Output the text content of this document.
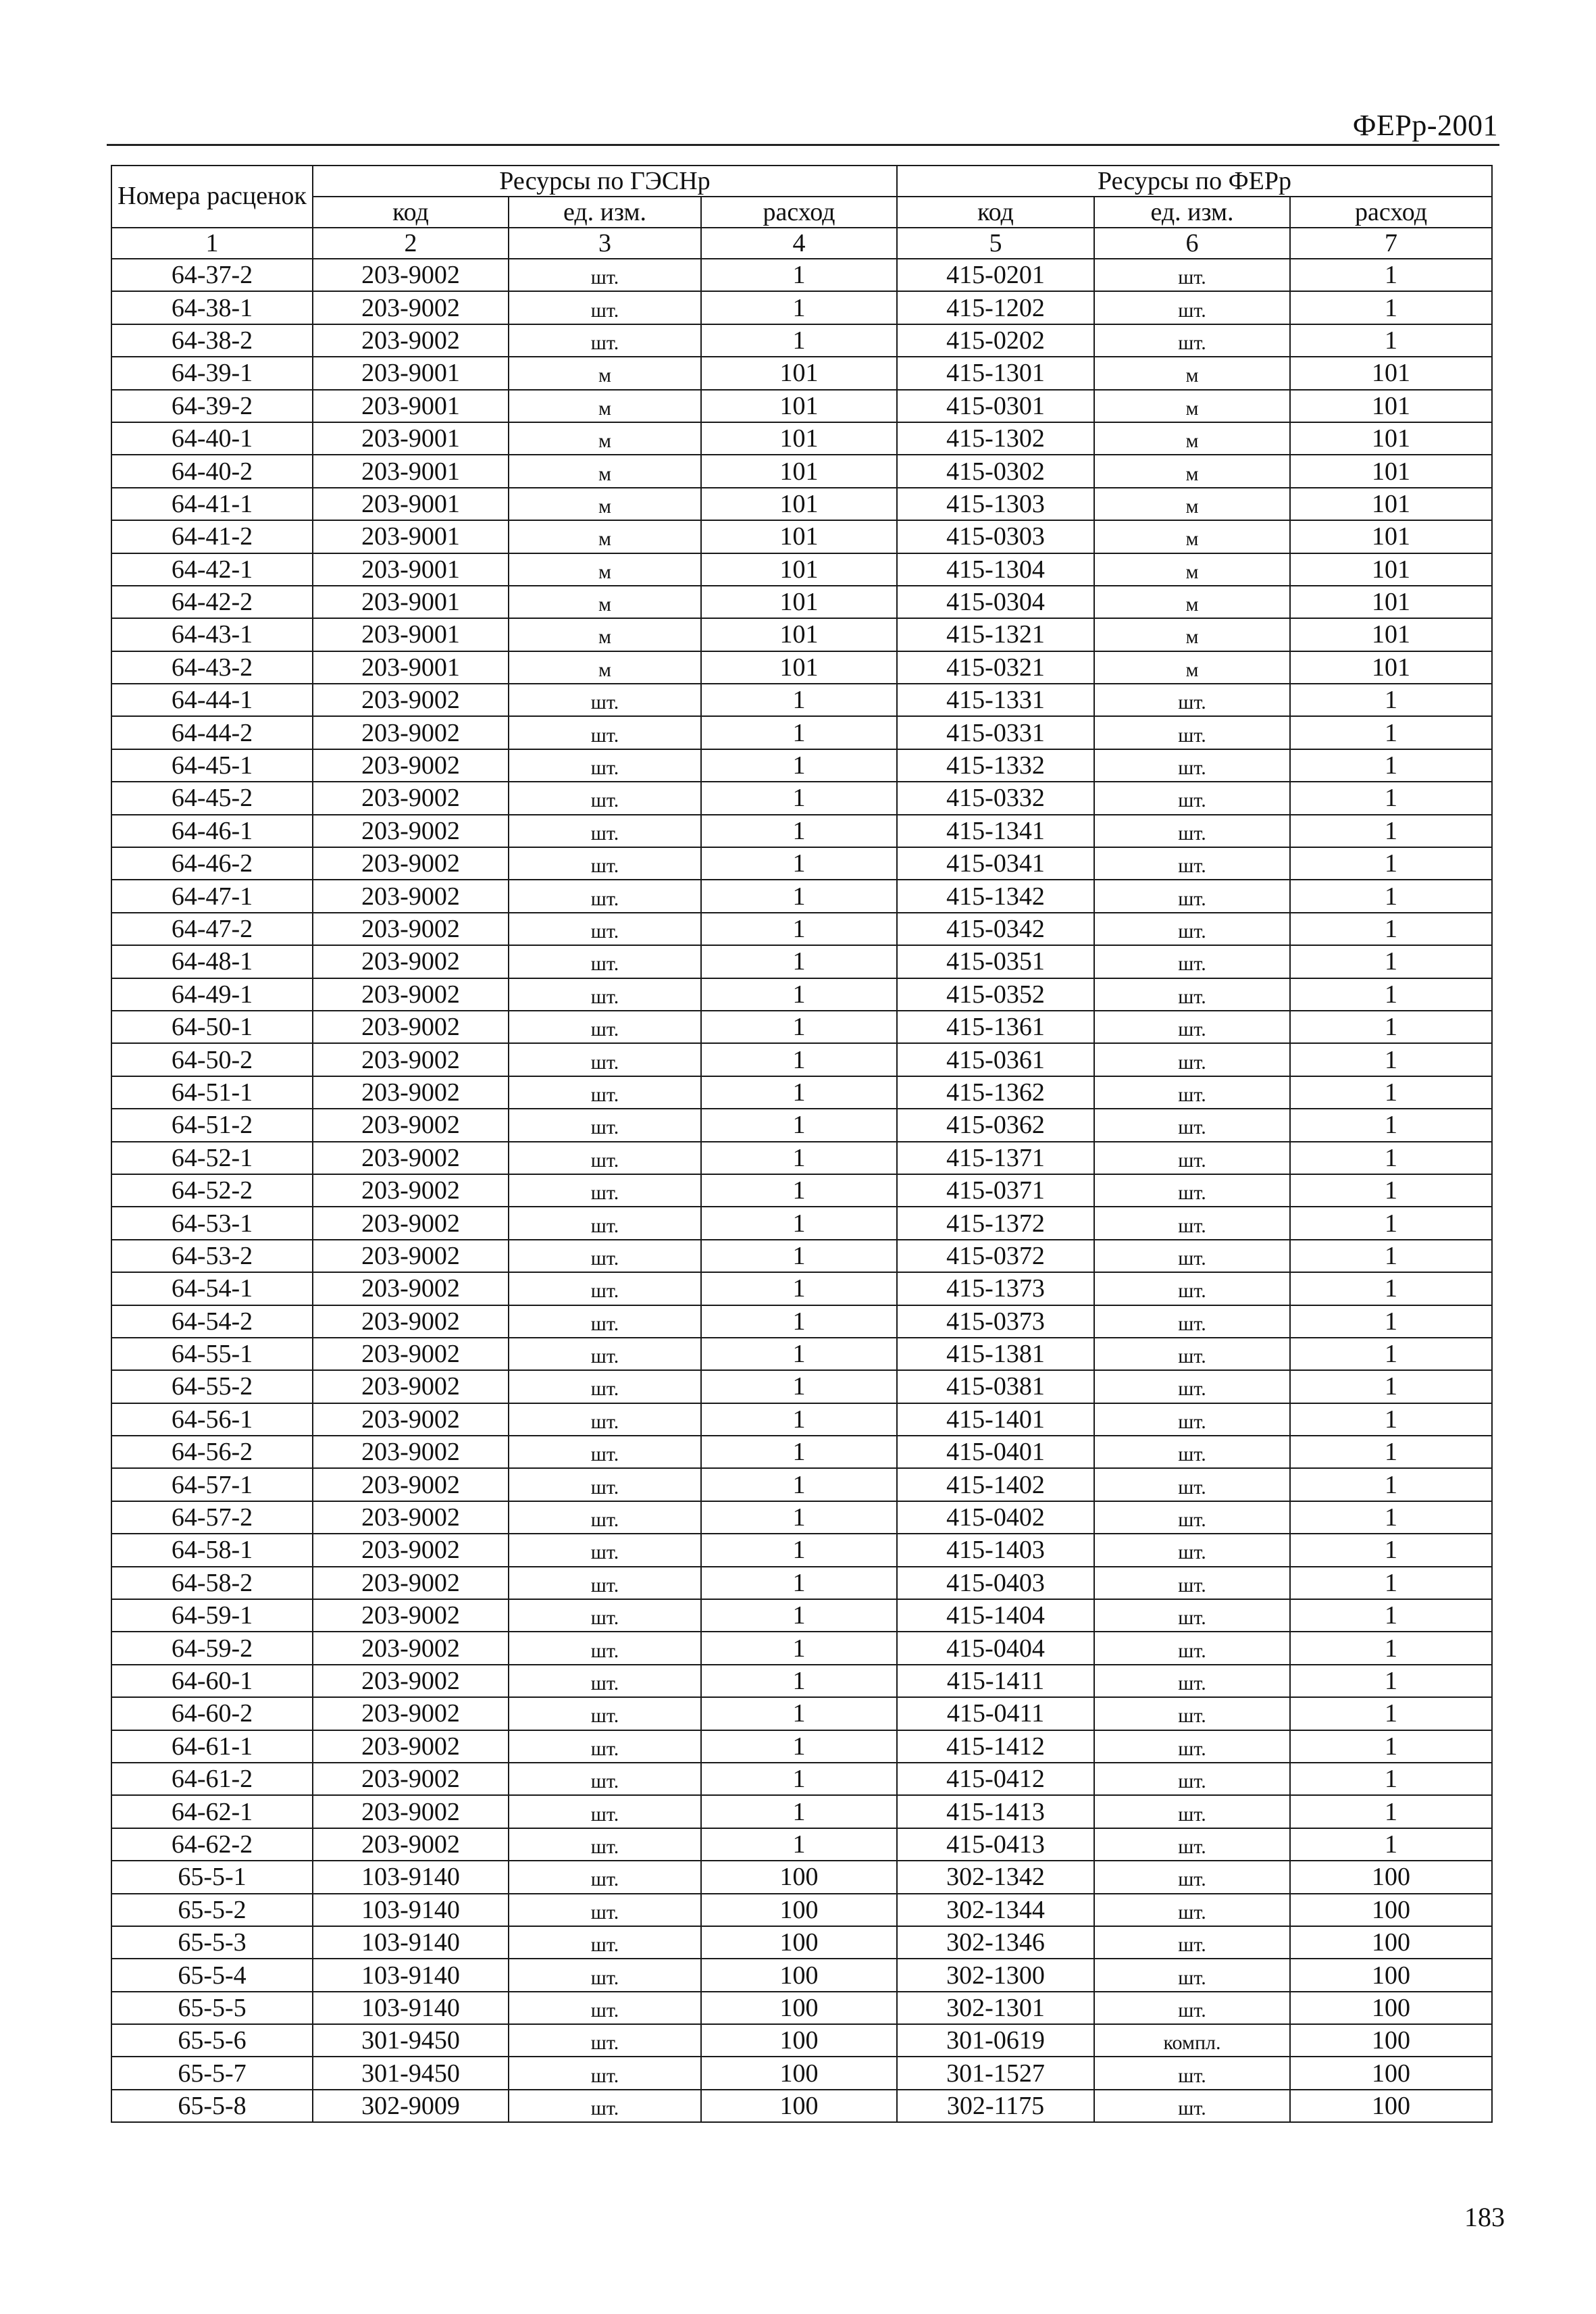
ФЕРр-2001
Номера расценок	Ресурсы по ГЭСНр			Ресурсы по ФЕРр		
	код	ед. изм.	расход	код	ед. изм.	расход
1	2	3	4	5	6	7
64-37-2	203-9002	шт.	1	415-0201	шт.	1
64-38-1	203-9002	шт.	1	415-1202	шт.	1
64-38-2	203-9002	шт.	1	415-0202	шт.	1
64-39-1	203-9001	м	101	415-1301	м	101
64-39-2	203-9001	м	101	415-0301	м	101
64-40-1	203-9001	м	101	415-1302	м	101
64-40-2	203-9001	м	101	415-0302	м	101
64-41-1	203-9001	м	101	415-1303	м	101
64-41-2	203-9001	м	101	415-0303	м	101
64-42-1	203-9001	м	101	415-1304	м	101
64-42-2	203-9001	м	101	415-0304	м	101
64-43-1	203-9001	м	101	415-1321	м	101
64-43-2	203-9001	м	101	415-0321	м	101
64-44-1	203-9002	шт.	1	415-1331	шт.	1
64-44-2	203-9002	шт.	1	415-0331	шт.	1
64-45-1	203-9002	шт.	1	415-1332	шт.	1
64-45-2	203-9002	шт.	1	415-0332	шт.	1
64-46-1	203-9002	шт.	1	415-1341	шт.	1
64-46-2	203-9002	шт.	1	415-0341	шт.	1
64-47-1	203-9002	шт.	1	415-1342	шт.	1
64-47-2	203-9002	шт.	1	415-0342	шт.	1
64-48-1	203-9002	шт.	1	415-0351	шт.	1
64-49-1	203-9002	шт.	1	415-0352	шт.	1
64-50-1	203-9002	шт.	1	415-1361	шт.	1
64-50-2	203-9002	шт.	1	415-0361	шт.	1
64-51-1	203-9002	шт.	1	415-1362	шт.	1
64-51-2	203-9002	шт.	1	415-0362	шт.	1
64-52-1	203-9002	шт.	1	415-1371	шт.	1
64-52-2	203-9002	шт.	1	415-0371	шт.	1
64-53-1	203-9002	шт.	1	415-1372	шт.	1
64-53-2	203-9002	шт.	1	415-0372	шт.	1
64-54-1	203-9002	шт.	1	415-1373	шт.	1
64-54-2	203-9002	шт.	1	415-0373	шт.	1
64-55-1	203-9002	шт.	1	415-1381	шт.	1
64-55-2	203-9002	шт.	1	415-0381	шт.	1
64-56-1	203-9002	шт.	1	415-1401	шт.	1
64-56-2	203-9002	шт.	1	415-0401	шт.	1
64-57-1	203-9002	шт.	1	415-1402	шт.	1
64-57-2	203-9002	шт.	1	415-0402	шт.	1
64-58-1	203-9002	шт.	1	415-1403	шт.	1
64-58-2	203-9002	шт.	1	415-0403	шт.	1
64-59-1	203-9002	шт.	1	415-1404	шт.	1
64-59-2	203-9002	шт.	1	415-0404	шт.	1
64-60-1	203-9002	шт.	1	415-1411	шт.	1
64-60-2	203-9002	шт.	1	415-0411	шт.	1
64-61-1	203-9002	шт.	1	415-1412	шт.	1
64-61-2	203-9002	шт.	1	415-0412	шт.	1
64-62-1	203-9002	шт.	1	415-1413	шт.	1
64-62-2	203-9002	шт.	1	415-0413	шт.	1
65-5-1	103-9140	шт.	100	302-1342	шт.	100
65-5-2	103-9140	шт.	100	302-1344	шт.	100
65-5-3	103-9140	шт.	100	302-1346	шт.	100
65-5-4	103-9140	шт.	100	302-1300	шт.	100
65-5-5	103-9140	шт.	100	302-1301	шт.	100
65-5-6	301-9450	шт.	100	301-0619	компл.	100
65-5-7	301-9450	шт.	100	301-1527	шт.	100
65-5-8	302-9009	шт.	100	302-1175	шт.	100
183
